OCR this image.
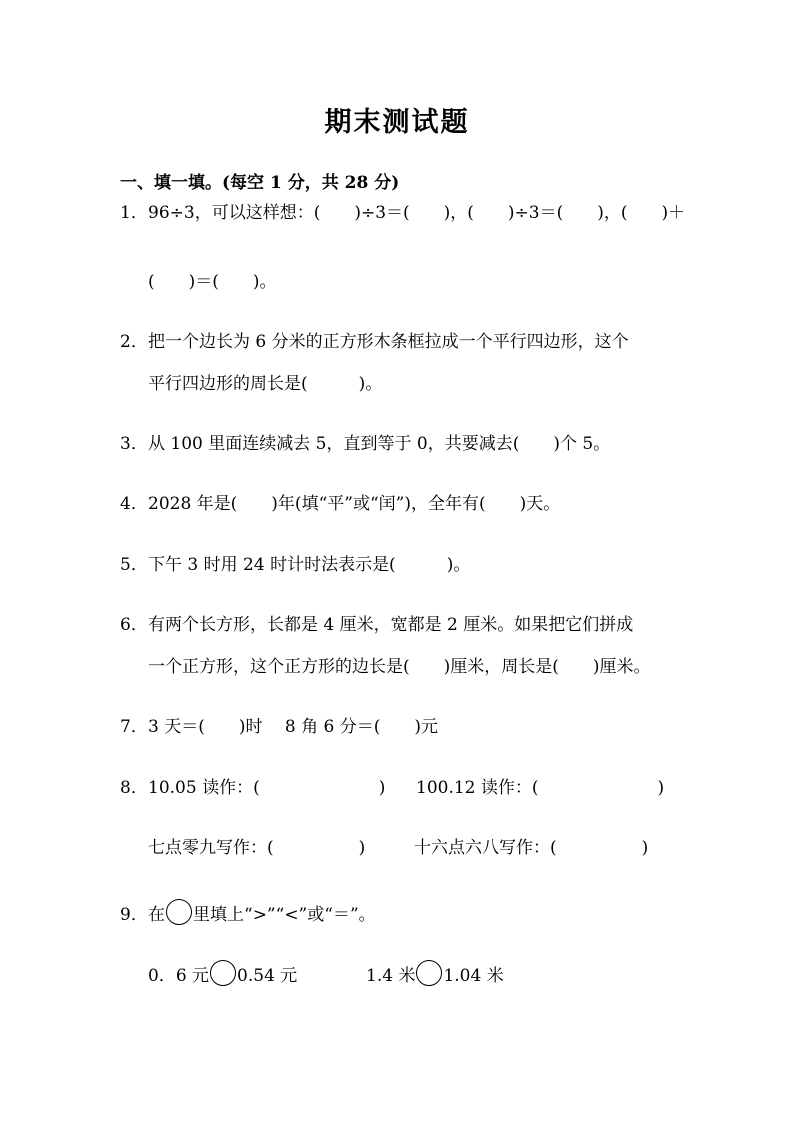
期末测试题
一、填一填。(每空 1 分，共 28 分)
1．96÷3，可以这样想：(　　)÷3＝(　　)，(　　)÷3＝(　　)，(　　)＋
(　　)＝(　　)。
2．把一个边长为 6 分米的正方形木条框拉成一个平行四边形，这个
平行四边形的周长是(　　　)。
3．从 100 里面连续减去 5，直到等于 0，共要减去(　　)个 5。
4．2028 年是(　　)年(填“平”或“闰”)，全年有(　　)天。
5．下午 3 时用 24 时计时法表示是(　　　)。
6．有两个长方形，长都是 4 厘米，宽都是 2 厘米。如果把它们拼成
一个正方形，这个正方形的边长是(　　)厘米，周长是(　　)厘米。
7．3 天＝(　　)时　 8 角 6 分＝(　　)元
8．10.05 读作：(　　　　　　　) 100.12 读作：(　　　　　　　)
七点零九写作：(　　　　　)	十六点六八写作：(　　　　　)
9．在 里填上“>”“<”或“＝”。
0．6 元 0.54 元	1.4 米 1.04 米
